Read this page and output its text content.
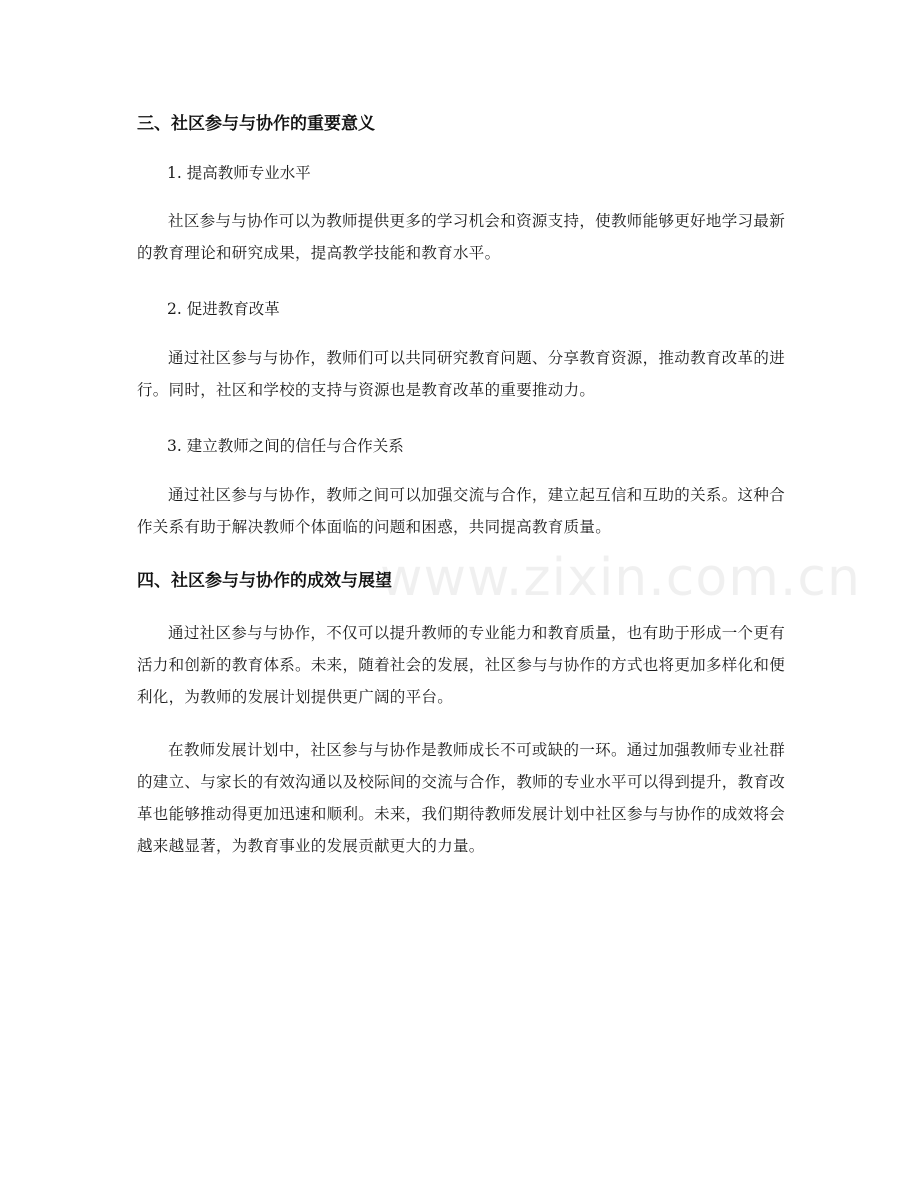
www.zixin.com.cn
三、社区参与与协作的重要意义

1. 提高教师专业水平

社区参与与协作可以为教师提供更多的学习机会和资源支持，使教师能够更好地学习最新的教育理论和研究成果，提高教学技能和教育水平。

2. 促进教育改革

通过社区参与与协作，教师们可以共同研究教育问题、分享教育资源，推动教育改革的进行。同时，社区和学校的支持与资源也是教育改革的重要推动力。

3. 建立教师之间的信任与合作关系

通过社区参与与协作，教师之间可以加强交流与合作，建立起互信和互助的关系。这种合作关系有助于解决教师个体面临的问题和困惑，共同提高教育质量。

四、社区参与与协作的成效与展望

通过社区参与与协作，不仅可以提升教师的专业能力和教育质量，也有助于形成一个更有活力和创新的教育体系。未来，随着社会的发展，社区参与与协作的方式也将更加多样化和便利化，为教师的发展计划提供更广阔的平台。

在教师发展计划中，社区参与与协作是教师成长不可或缺的一环。通过加强教师专业社群的建立、与家长的有效沟通以及校际间的交流与合作，教师的专业水平可以得到提升，教育改革也能够推动得更加迅速和顺利。未来，我们期待教师发展计划中社区参与与协作的成效将会越来越显著，为教育事业的发展贡献更大的力量。
